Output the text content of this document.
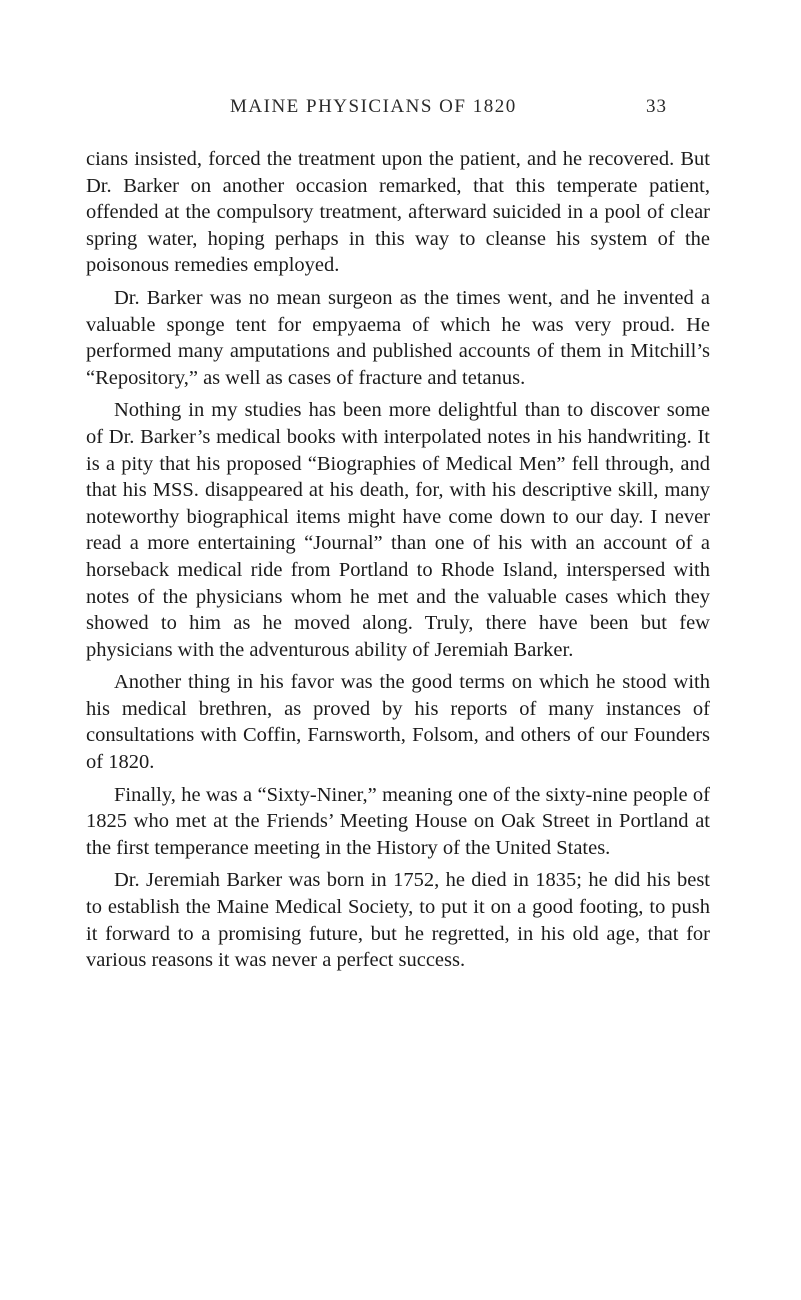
MAINE PHYSICIANS OF 1820	33

cians insisted, forced the treatment upon the patient, and he recovered. But Dr. Barker on another occasion remarked, that this temperate patient, offended at the compulsory treatment, afterward suicided in a pool of clear spring water, hoping perhaps in this way to cleanse his system of the poisonous remedies employed.

Dr. Barker was no mean surgeon as the times went, and he invented a valuable sponge tent for empyaema of which he was very proud. He performed many amputations and published accounts of them in Mitchill’s “Repository,” as well as cases of fracture and tetanus.

Nothing in my studies has been more delightful than to discover some of Dr. Barker’s medical books with interpolated notes in his handwriting. It is a pity that his proposed “Biographies of Medical Men” fell through, and that his MSS. disappeared at his death, for, with his descriptive skill, many noteworthy biographical items might have come down to our day. I never read a more entertaining “Journal” than one of his with an account of a horseback medical ride from Portland to Rhode Island, interspersed with notes of the physicians whom he met and the valuable cases which they showed to him as he moved along. Truly, there have been but few physicians with the adventurous ability of Jeremiah Barker.

Another thing in his favor was the good terms on which he stood with his medical brethren, as proved by his reports of many instances of consultations with Coffin, Farnsworth, Folsom, and others of our Founders of 1820.

Finally, he was a “Sixty-Niner,” meaning one of the sixty-nine people of 1825 who met at the Friends’ Meeting House on Oak Street in Portland at the first temperance meeting in the History of the United States.

Dr. Jeremiah Barker was born in 1752, he died in 1835; he did his best to establish the Maine Medical Society, to put it on a good footing, to push it forward to a promising future, but he regretted, in his old age, that for various reasons it was never a perfect success.
